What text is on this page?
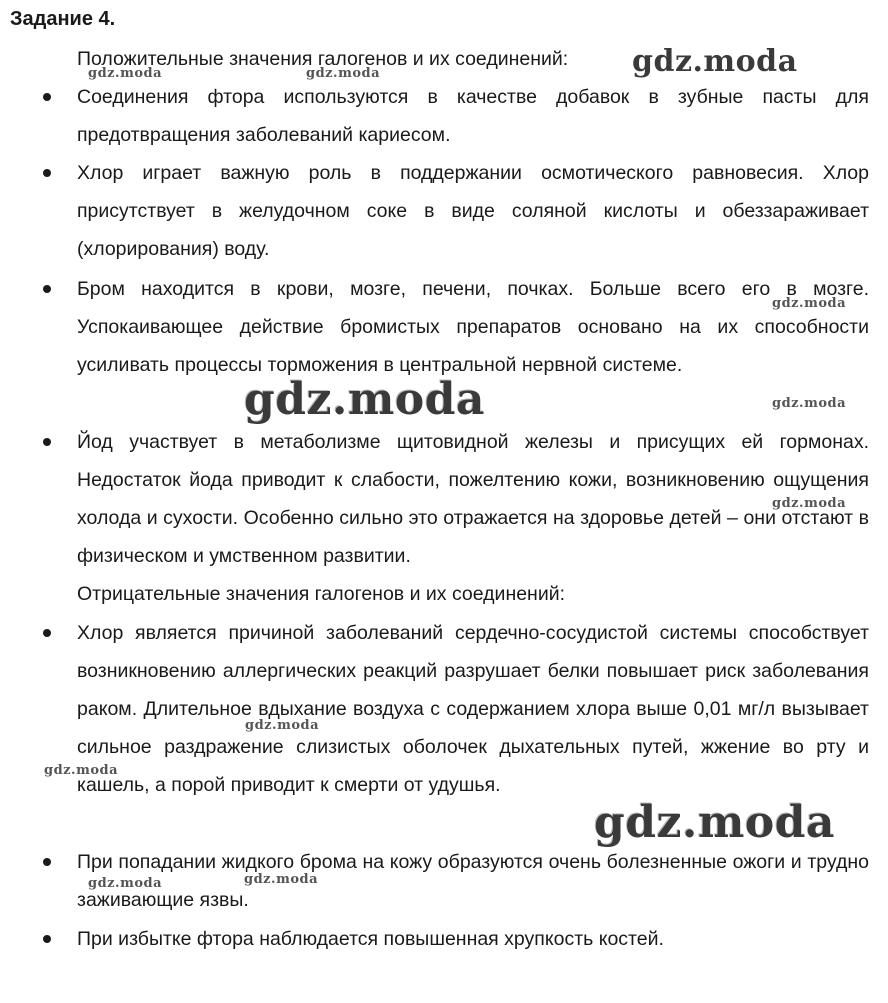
Задание 4.

Положительные значения галогенов и их соединений:

Соединения фтора используются в качестве добавок в зубные пасты для предотвращения заболеваний кариесом.
Хлор играет важную роль в поддержании осмотического равновесия. Хлор присутствует в желудочном соке в виде соляной кислоты и обеззараживает (хлорирования) воду.
Бром находится в крови, мозге, печени, почках. Больше всего его в мозге. Успокаивающее действие бромистых препаратов основано на их способности усиливать процессы торможения в центральной нервной системе.
Йод участвует в метаболизме щитовидной железы и присущих ей гормонах. Недостаток йода приводит к слабости, пожелтению кожи, возникновению ощущения холода и сухости. Особенно сильно это отражается на здоровье детей – они отстают в физическом и умственном развитии.

Отрицательные значения галогенов и их соединений:

Хлор является причиной заболеваний сердечно-сосудистой системы способствует возникновению аллергических реакций разрушает белки повышает риск заболевания раком. Длительное вдыхание воздуха с содержанием хлора выше 0,01 мг/л вызывает сильное раздражение слизистых оболочек дыхательных путей, жжение во рту и кашель, а порой приводит к смерти от удушья.
При попадании жидкого брома на кожу образуются очень болезненные ожоги и трудно заживающие язвы.
При избытке фтора наблюдается повышенная хрупкость костей.
gdz.moda
gdz.moda	gdz.moda
gdz.moda
gdz.moda	gdz.moda
gdz.moda
gdz.moda
gdz.moda
gdz.moda
gdz.moda	gdz.moda
